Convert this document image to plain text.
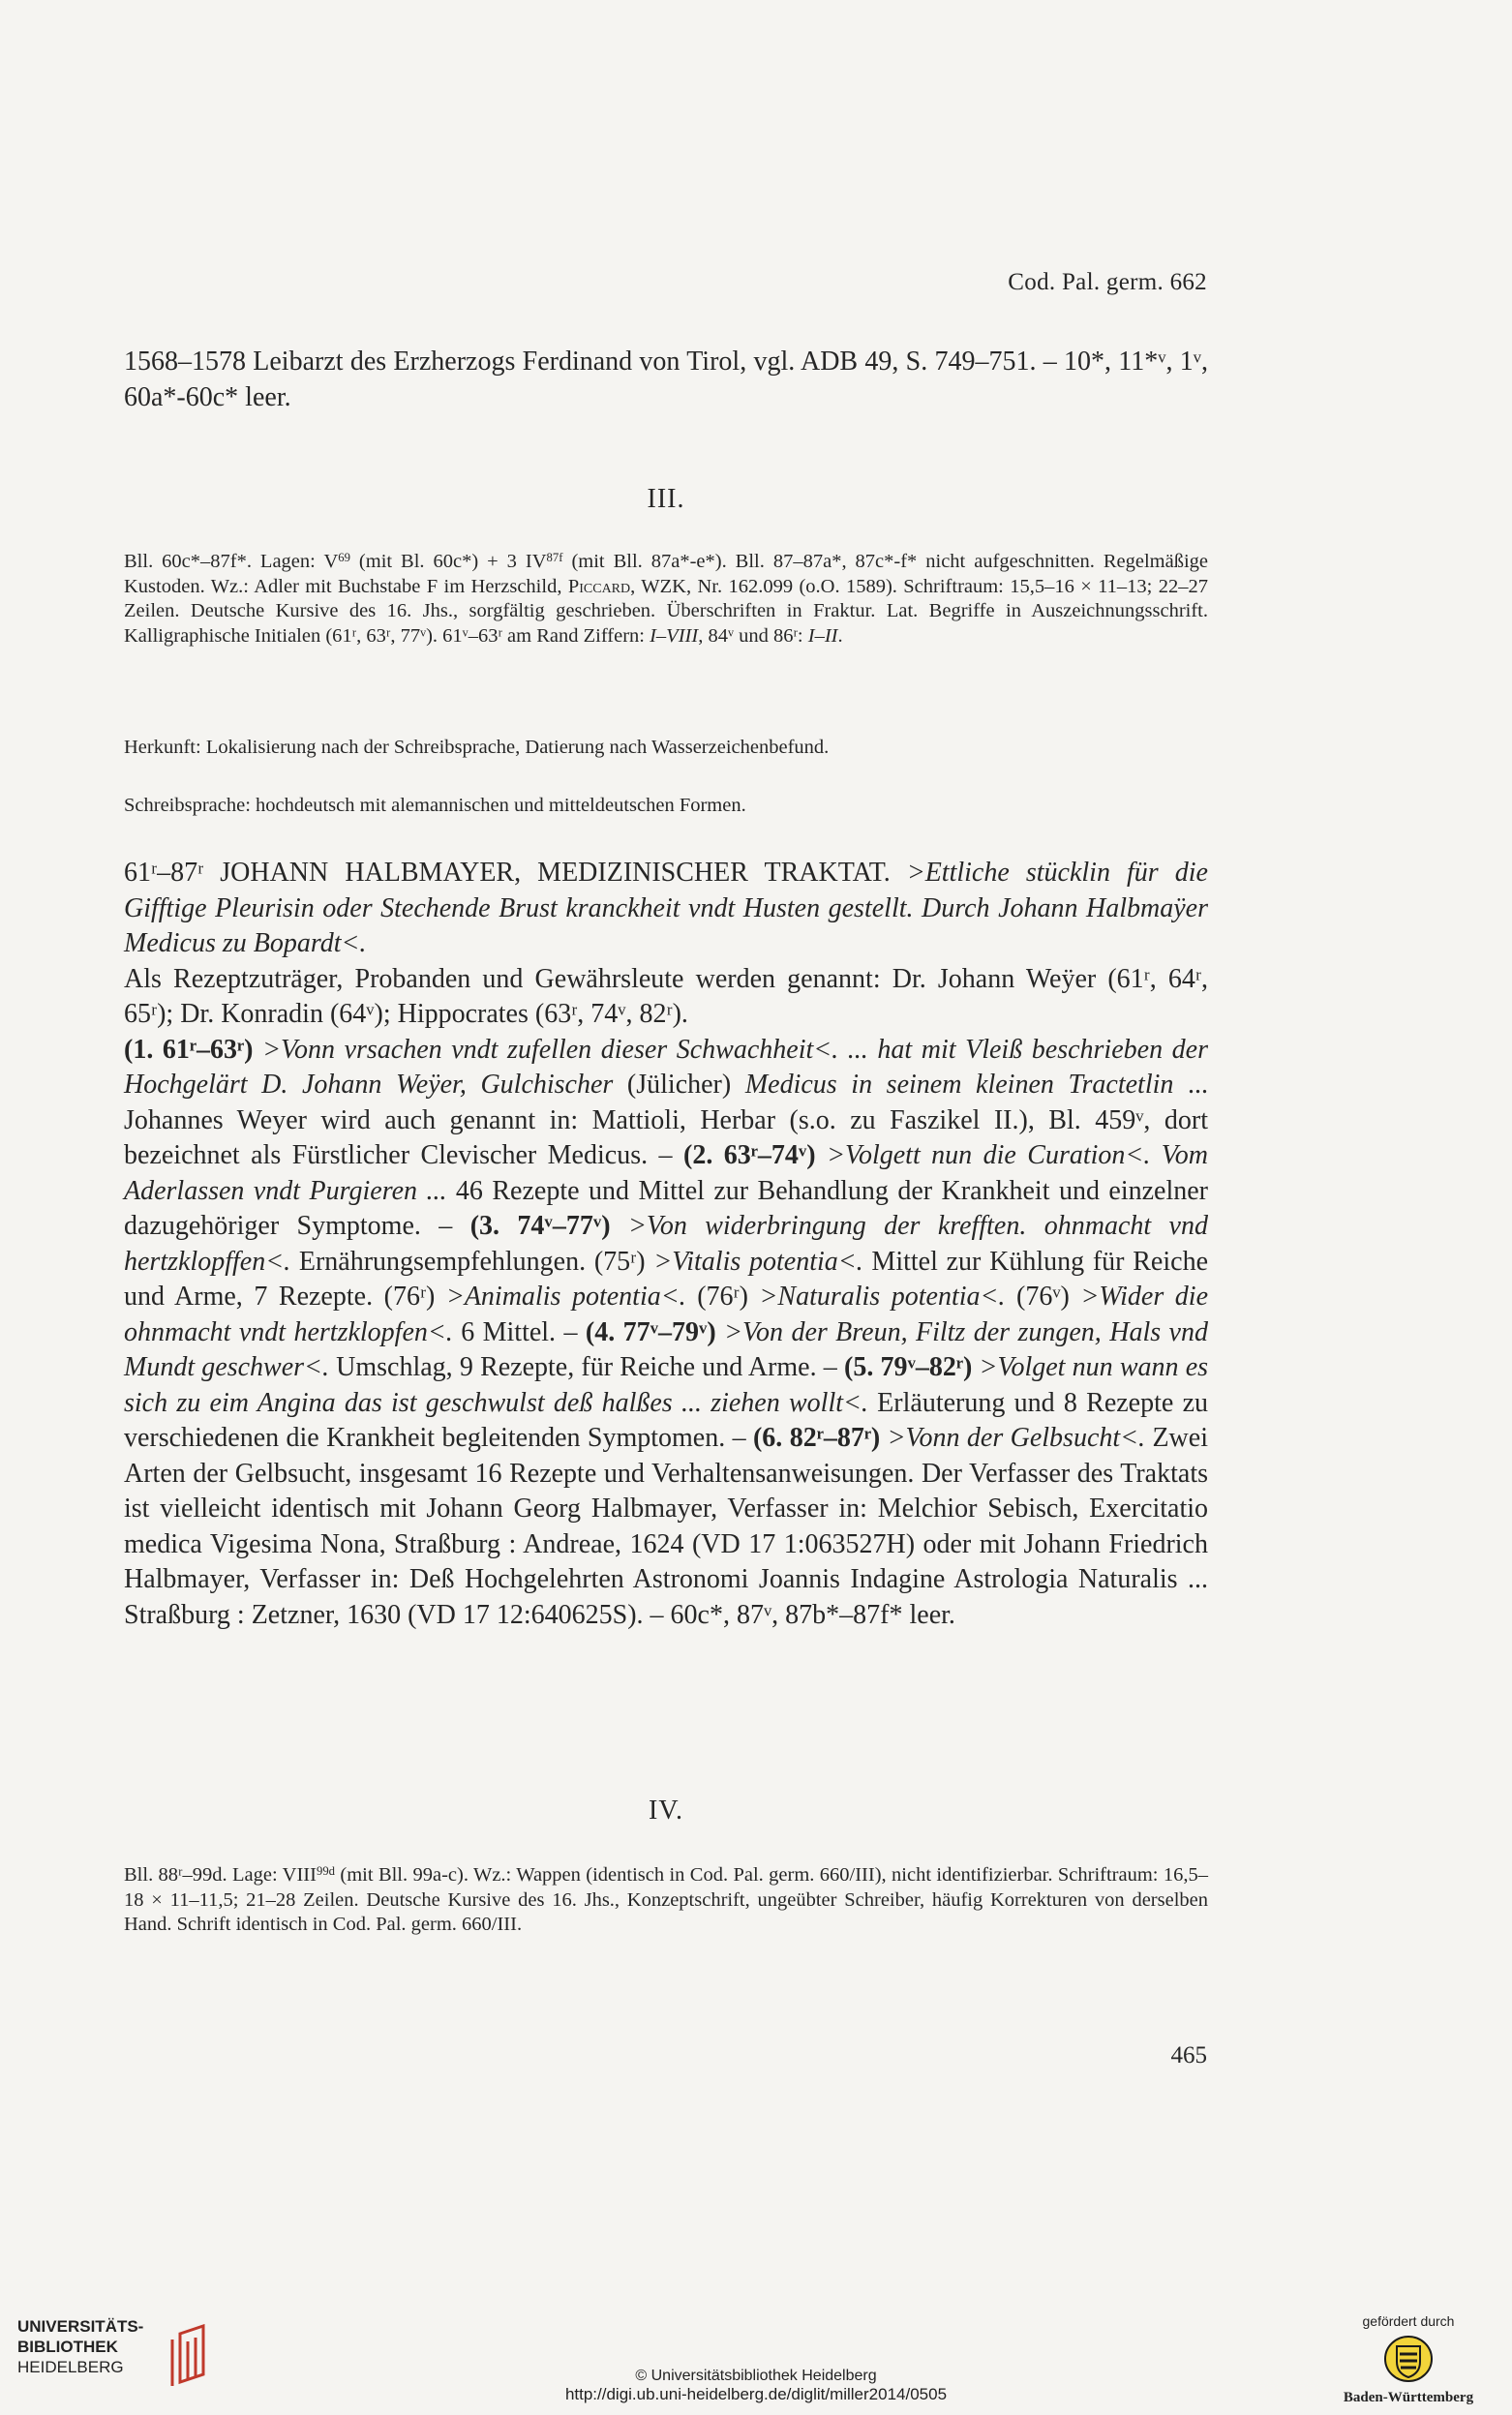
Cod. Pal. germ. 662
1568–1578 Leibarzt des Erzherzogs Ferdinand von Tirol, vgl. ADB 49, S. 749–751. – 10*, 11*ᵛ, 1ᵛ, 60a*-60c* leer.
III.
Bll. 60c*–87f*. Lagen: $V^{69}$ (mit Bl. 60c*) + 3 $IV^{87f}$ (mit Bll. 87a*-e*). Bll. 87–87a*, 87c*-f* nicht aufgeschnitten. Regelmäßige Kustoden. Wz.: Adler mit Buchstabe F im Herzschild, Piccard, WZK, Nr. 162.099 (o.O. 1589). Schriftraum: 15,5–16 × 11–13; 22–27 Zeilen. Deutsche Kursive des 16. Jhs., sorgfältig geschrieben. Überschriften in Fraktur. Lat. Begriffe in Auszeichnungsschrift. Kalligraphische Initialen (61ʳ, 63ʳ, 77ᵛ). 61ᵛ–63ʳ am Rand Ziffern: I–VIII, 84ᵛ und 86ʳ: I–II.
Herkunft: Lokalisierung nach der Schreibsprache, Datierung nach Wasserzeichenbefund.
Schreibsprache: hochdeutsch mit alemannischen und mitteldeutschen Formen.

61ʳ–87ʳ JOHANN HALBMAYER, MEDIZINISCHER TRAKTAT. >Ettliche stücklin für die Gifftige Pleurisin oder Stechende Brust kranckheit vndt Husten gestellt. Durch Johann Halbmaÿer Medicus zu Bopardt<.

Als Rezeptzuträger, Probanden und Gewährsleute werden genannt: Dr. Johann Weÿer (61ʳ, 64ʳ, 65ʳ); Dr. Konradin (64ᵛ); Hippocrates (63ʳ, 74ᵛ, 82ʳ).

(1. 61ʳ–63ʳ) >Vonn vrsachen vndt zufellen dieser Schwachheit<. ... hat mit Vleiß beschrieben der Hochgelärt D. Johann Weÿer, Gulchischer (Jülicher) Medicus in seinem kleinen Tractetlin ... Johannes Weyer wird auch genannt in: Mattioli, Herbar (s.o. zu Faszikel II.), Bl. 459ᵛ, dort bezeichnet als Fürstlicher Clevischer Medicus. – (2. 63ʳ–74ᵛ) >Volgett nun die Curation<. Vom Aderlassen vndt Purgieren ... 46 Rezepte und Mittel zur Behandlung der Krankheit und einzelner dazugehöriger Symptome. – (3. 74ᵛ–77ᵛ) >Von widerbringung der krefften. ohnmacht vnd hertzklopffen<. Ernährungsempfehlungen. (75ʳ) >Vitalis potentia<. Mittel zur Kühlung für Reiche und Arme, 7 Rezepte. (76ʳ) >Animalis potentia<. (76ʳ) >Naturalis potentia<. (76ᵛ) >Wider die ohnmacht vndt hertzklopfen<. 6 Mittel. – (4. 77ᵛ–79ᵛ) >Von der Breun, Filtz der zungen, Hals vnd Mundt geschwer<. Umschlag, 9 Rezepte, für Reiche und Arme. – (5. 79ᵛ–82ʳ) >Volget nun wann es sich zu eim Angina das ist geschwulst deß halßes ... ziehen wollt<. Erläuterung und 8 Rezepte zu verschiedenen die Krankheit begleitenden Symptomen. – (6. 82ʳ–87ʳ) >Vonn der Gelbsucht<. Zwei Arten der Gelbsucht, insgesamt 16 Rezepte und Verhaltensanweisungen. Der Verfasser des Traktats ist vielleicht identisch mit Johann Georg Halbmayer, Verfasser in: Melchior Sebisch, Exercitatio medica Vigesima Nona, Straßburg : Andreae, 1624 (VD 17 1:063527H) oder mit Johann Friedrich Halbmayer, Verfasser in: Deß Hochgelehrten Astronomi Joannis Indagine Astrologia Naturalis ... Straßburg : Zetzner, 1630 (VD 17 12:640625S). – 60c*, 87ᵛ, 87b*–87f* leer.

IV.
Bll. 88ʳ–99d. Lage: $VIII^{99d}$ (mit Bll. 99a-c). Wz.: Wappen (identisch in Cod. Pal. germ. 660/III), nicht identifizierbar. Schriftraum: 16,5–18 × 11–11,5; 21–28 Zeilen. Deutsche Kursive des 16. Jhs., Konzeptschrift, ungeübter Schreiber, häufig Korrekturen von derselben Hand. Schrift identisch in Cod. Pal. germ. 660/III.
465
UNIVERSITÄTS-
BIBLIOTHEK
HEIDELBERG	© Universitätsbibliothek Heidelberg
http://digi.ub.uni-heidelberg.de/diglit/miller2014/0505
gefördert durch
Baden-Württemberg
